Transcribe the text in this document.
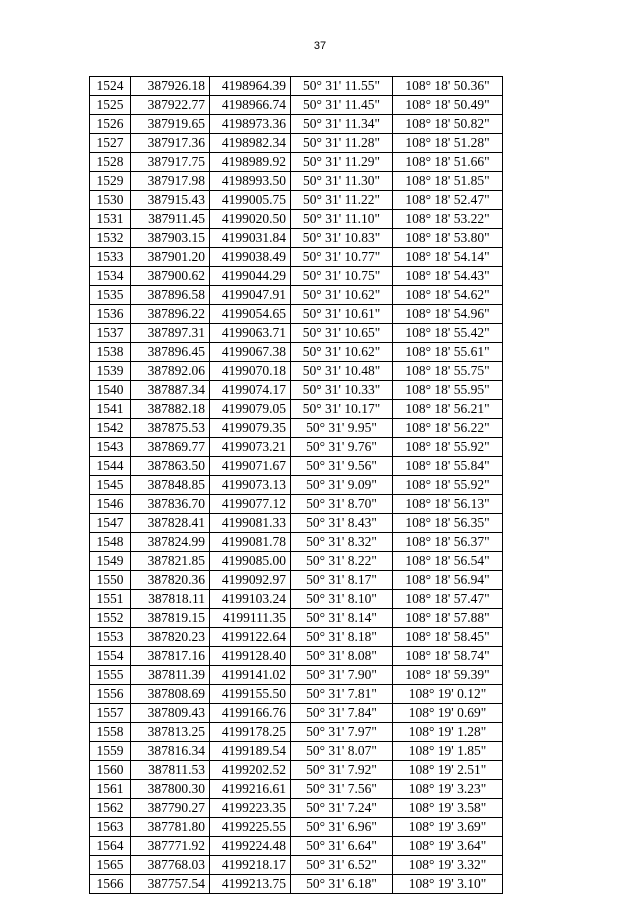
37
1524	387926.18	4198964.39	50° 31' 11.55"	108° 18' 50.36"
1525	387922.77	4198966.74	50° 31' 11.45"	108° 18' 50.49"
1526	387919.65	4198973.36	50° 31' 11.34"	108° 18' 50.82"
1527	387917.36	4198982.34	50° 31' 11.28"	108° 18' 51.28"
1528	387917.75	4198989.92	50° 31' 11.29"	108° 18' 51.66"
1529	387917.98	4198993.50	50° 31' 11.30"	108° 18' 51.85"
1530	387915.43	4199005.75	50° 31' 11.22"	108° 18' 52.47"
1531	387911.45	4199020.50	50° 31' 11.10"	108° 18' 53.22"
1532	387903.15	4199031.84	50° 31' 10.83"	108° 18' 53.80"
1533	387901.20	4199038.49	50° 31' 10.77"	108° 18' 54.14"
1534	387900.62	4199044.29	50° 31' 10.75"	108° 18' 54.43"
1535	387896.58	4199047.91	50° 31' 10.62"	108° 18' 54.62"
1536	387896.22	4199054.65	50° 31' 10.61"	108° 18' 54.96"
1537	387897.31	4199063.71	50° 31' 10.65"	108° 18' 55.42"
1538	387896.45	4199067.38	50° 31' 10.62"	108° 18' 55.61"
1539	387892.06	4199070.18	50° 31' 10.48"	108° 18' 55.75"
1540	387887.34	4199074.17	50° 31' 10.33"	108° 18' 55.95"
1541	387882.18	4199079.05	50° 31' 10.17"	108° 18' 56.21"
1542	387875.53	4199079.35	50° 31' 9.95"	108° 18' 56.22"
1543	387869.77	4199073.21	50° 31' 9.76"	108° 18' 55.92"
1544	387863.50	4199071.67	50° 31' 9.56"	108° 18' 55.84"
1545	387848.85	4199073.13	50° 31' 9.09"	108° 18' 55.92"
1546	387836.70	4199077.12	50° 31' 8.70"	108° 18' 56.13"
1547	387828.41	4199081.33	50° 31' 8.43"	108° 18' 56.35"
1548	387824.99	4199081.78	50° 31' 8.32"	108° 18' 56.37"
1549	387821.85	4199085.00	50° 31' 8.22"	108° 18' 56.54"
1550	387820.36	4199092.97	50° 31' 8.17"	108° 18' 56.94"
1551	387818.11	4199103.24	50° 31' 8.10"	108° 18' 57.47"
1552	387819.15	4199111.35	50° 31' 8.14"	108° 18' 57.88"
1553	387820.23	4199122.64	50° 31' 8.18"	108° 18' 58.45"
1554	387817.16	4199128.40	50° 31' 8.08"	108° 18' 58.74"
1555	387811.39	4199141.02	50° 31' 7.90"	108° 18' 59.39"
1556	387808.69	4199155.50	50° 31' 7.81"	108° 19' 0.12"
1557	387809.43	4199166.76	50° 31' 7.84"	108° 19' 0.69"
1558	387813.25	4199178.25	50° 31' 7.97"	108° 19' 1.28"
1559	387816.34	4199189.54	50° 31' 8.07"	108° 19' 1.85"
1560	387811.53	4199202.52	50° 31' 7.92"	108° 19' 2.51"
1561	387800.30	4199216.61	50° 31' 7.56"	108° 19' 3.23"
1562	387790.27	4199223.35	50° 31' 7.24"	108° 19' 3.58"
1563	387781.80	4199225.55	50° 31' 6.96"	108° 19' 3.69"
1564	387771.92	4199224.48	50° 31' 6.64"	108° 19' 3.64"
1565	387768.03	4199218.17	50° 31' 6.52"	108° 19' 3.32"
1566	387757.54	4199213.75	50° 31' 6.18"	108° 19' 3.10"
